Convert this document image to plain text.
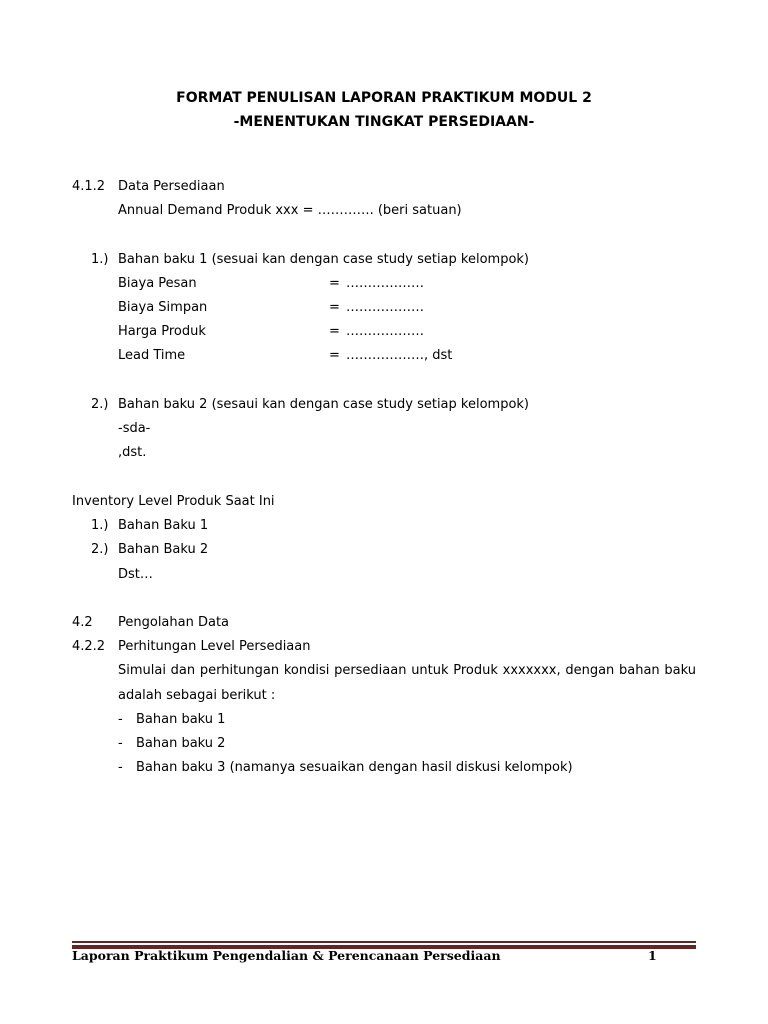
FORMAT PENULISAN LAPORAN PRAKTIKUM MODUL 2
-MENENTUKAN TINGKAT PERSEDIAAN-
4.1.2 Data Persediaan
Annual Demand Produk xxx = …………. (beri satuan)
1.) Bahan baku 1 (sesuai kan dengan case study setiap kelompok)
Biaya Pesan	= ………………
Biaya Simpan	= ………………
Harga Produk	= ………………
Lead Time	= ………………, dst
2.) Bahan baku 2 (sesaui kan dengan case study setiap kelompok)
-sda-
,dst.
Inventory Level Produk Saat Ini
1.) Bahan Baku 1
2.) Bahan Baku 2
Dst…
4.2 Pengolahan Data
4.2.2 Perhitungan Level Persediaan
Simulai dan perhitungan kondisi persediaan untuk Produk xxxxxxx, dengan bahan baku
adalah sebagai berikut :
- Bahan baku 1
- Bahan baku 2
- Bahan baku 3 (namanya sesuaikan dengan hasil diskusi kelompok)
Laporan Praktikum Pengendalian & Perencanaan Persediaan	1
